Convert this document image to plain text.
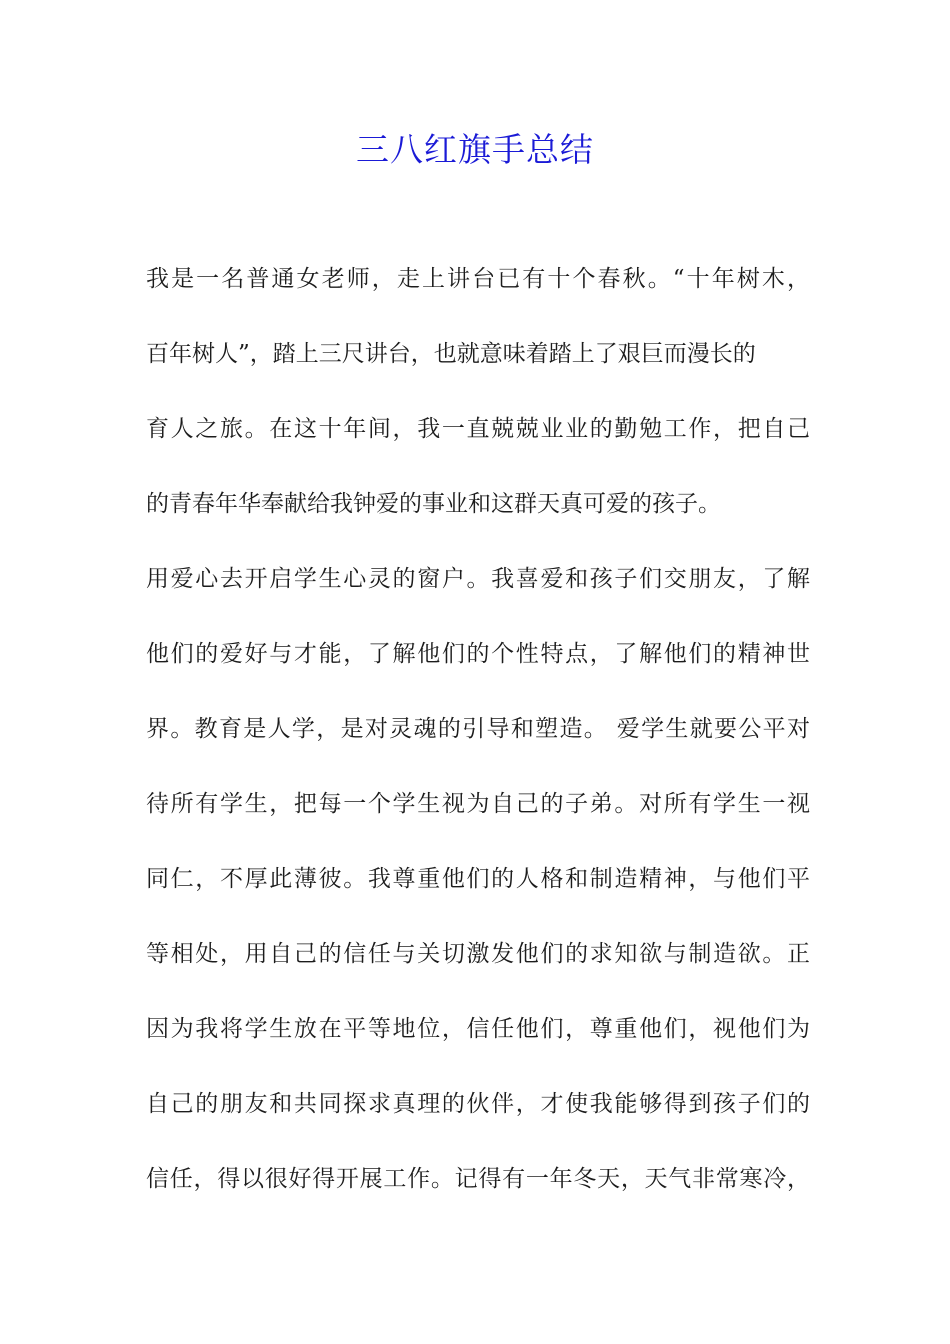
三八红旗手总结
我是一名普通女老师，走上讲台已有十个春秋。“十年树木，
百年树人”，踏上三尺讲台，也就意味着踏上了艰巨而漫长的
育人之旅。在这十年间，我一直兢兢业业的勤勉工作，把自己
的青春年华奉献给我钟爱的事业和这群天真可爱的孩子。
用爱心去开启学生心灵的窗户。我喜爱和孩子们交朋友，了解
他们的爱好与才能，了解他们的个性特点，了解他们的精神世
界。教育是人学，是对灵魂的引导和塑造。 爱学生就要公平对
待所有学生，把每一个学生视为自己的子弟。对所有学生一视
同仁，不厚此薄彼。我尊重他们的人格和制造精神，与他们平
等相处，用自己的信任与关切激发他们的求知欲与制造欲。正
因为我将学生放在平等地位，信任他们，尊重他们，视他们为
自己的朋友和共同探求真理的伙伴，才使我能够得到孩子们的
信任，得以很好得开展工作。记得有一年冬天，天气非常寒冷，
